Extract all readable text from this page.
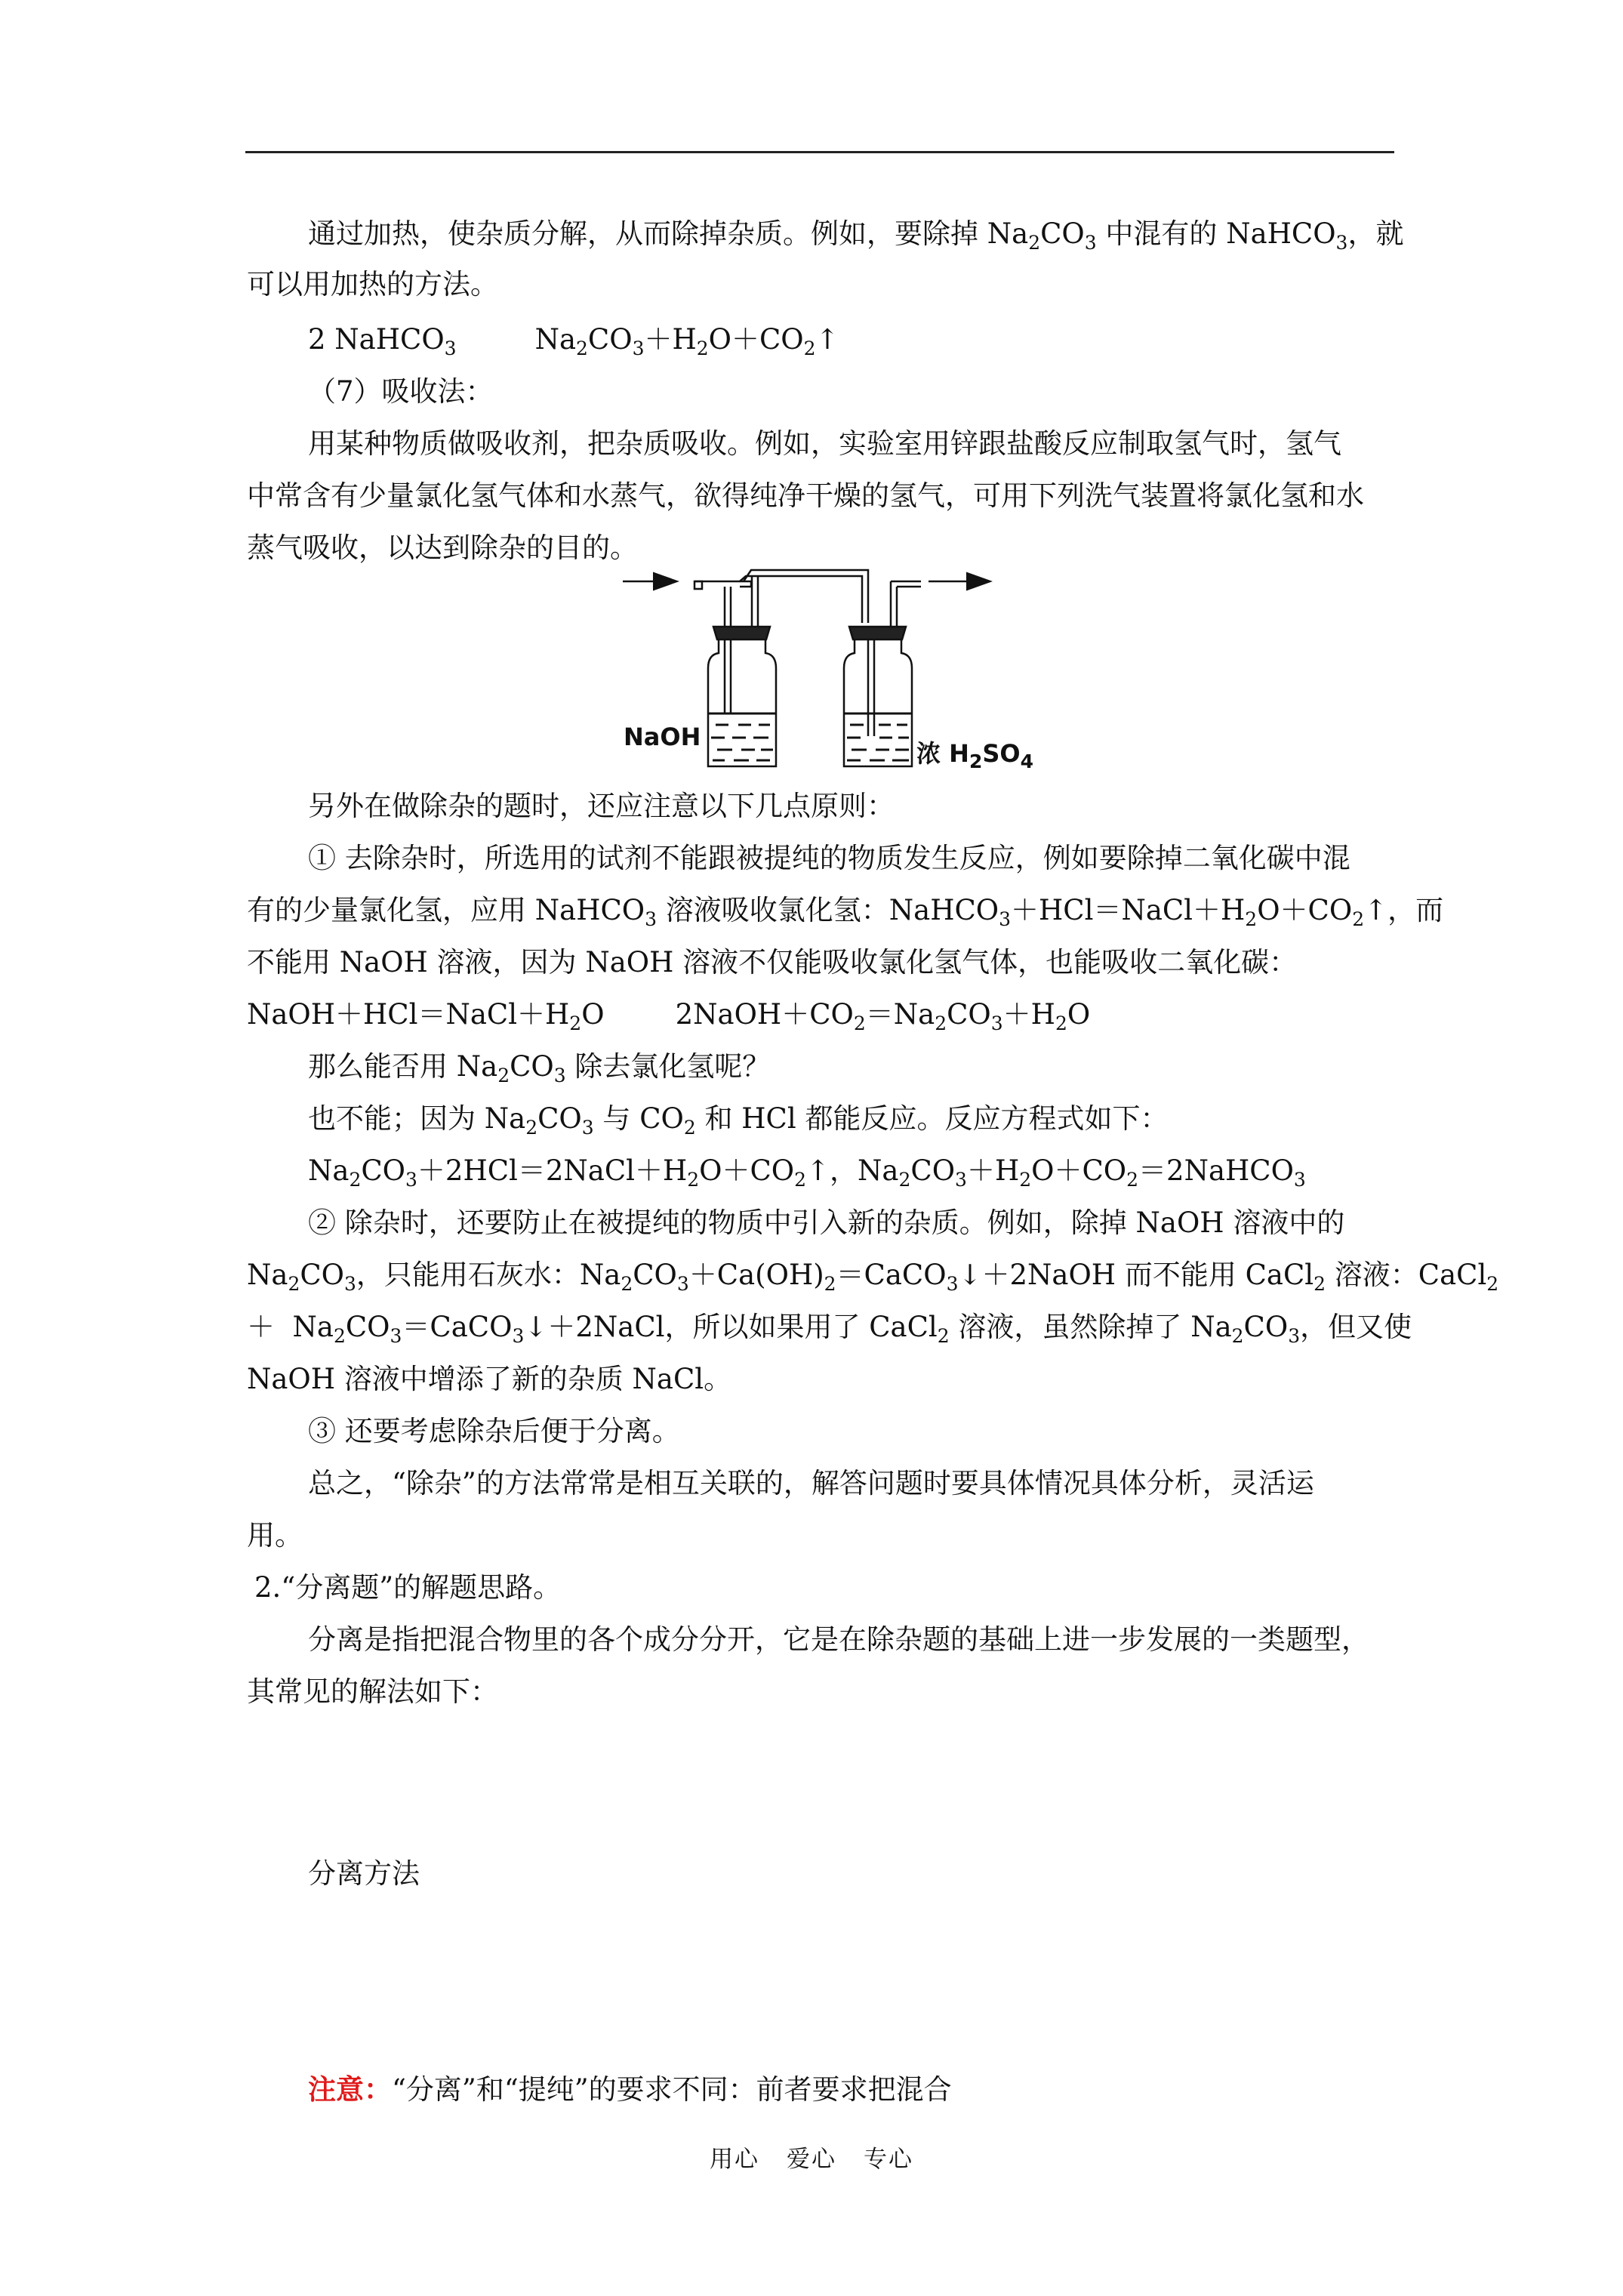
通过加热，使杂质分解，从而除掉杂质。例如，要除掉 $Na_2CO_3$ 中混有的 NaHCO$_3$，就
可以用加热的方法。
2 NaHCO$_3$	$Na_2CO_3+H_2O+CO_2↑$
（7）吸收法：
用某种物质做吸收剂，把杂质吸收。例如，实验室用锌跟盐酸反应制取氢气时，氢气
中常含有少量氯化氢气体和水蒸气，欲得纯净干燥的氢气，可用下列洗气装置将氯化氢和水
蒸气吸收，以达到除杂的目的。
NaOH
浓 $H_2SO_4$
另外在做除杂的题时，还应注意以下几点原则：
① 去除杂时，所选用的试剂不能跟被提纯的物质发生反应，例如要除掉二氧化碳中混
有的少量氯化氢，应用 NaHCO$_3$ 溶液吸收氯化氢：$NaHCO_3+HCl=NaCl+H_2O+CO_2↑$，而
不能用 NaOH 溶液，因为 NaOH 溶液不仅能吸收氯化氢气体，也能吸收二氧化碳：
$NaOH+HCl=NaCl+H_2O$        $2NaOH+CO_2=Na_2CO_3+H_2O$
那么能否用 $Na_2CO_3$ 除去氯化氢呢？
也不能；因为 $Na_2CO_3$ 与 $CO_2$ 和 HCl 都能反应。反应方程式如下：
$Na_2CO_3+2HCl=2NaCl+H_2O+CO_2↑$，$Na_2CO_3+H_2O+CO_2=2NaHCO_3$
② 除杂时，还要防止在被提纯的物质中引入新的杂质。例如，除掉 NaOH 溶液中的
$Na_2CO_3$，只能用石灰水：$Na_2CO_3+Ca(OH)_2=CaCO_3↓+2NaOH$ 而不能用 CaCl$_2$ 溶液：CaCl$_2$
＋  $Na_2CO_3=CaCO_3↓+2NaCl$，所以如果用了 CaCl$_2$ 溶液，虽然除掉了 $Na_2CO_3$，但又使
NaOH 溶液中增添了新的杂质 NaCl。
③ 还要考虑除杂后便于分离。
总之，“除杂”的方法常常是相互关联的，解答问题时要具体情况具体分析，灵活运
用。
2.“分离题”的解题思路。
分离是指把混合物里的各个成分分开，它是在除杂题的基础上进一步发展的一类题型，
其常见的解法如下：
分离方法
注意：“分离”和“提纯”的要求不同：前者要求把混合
用心 爱心 专心
